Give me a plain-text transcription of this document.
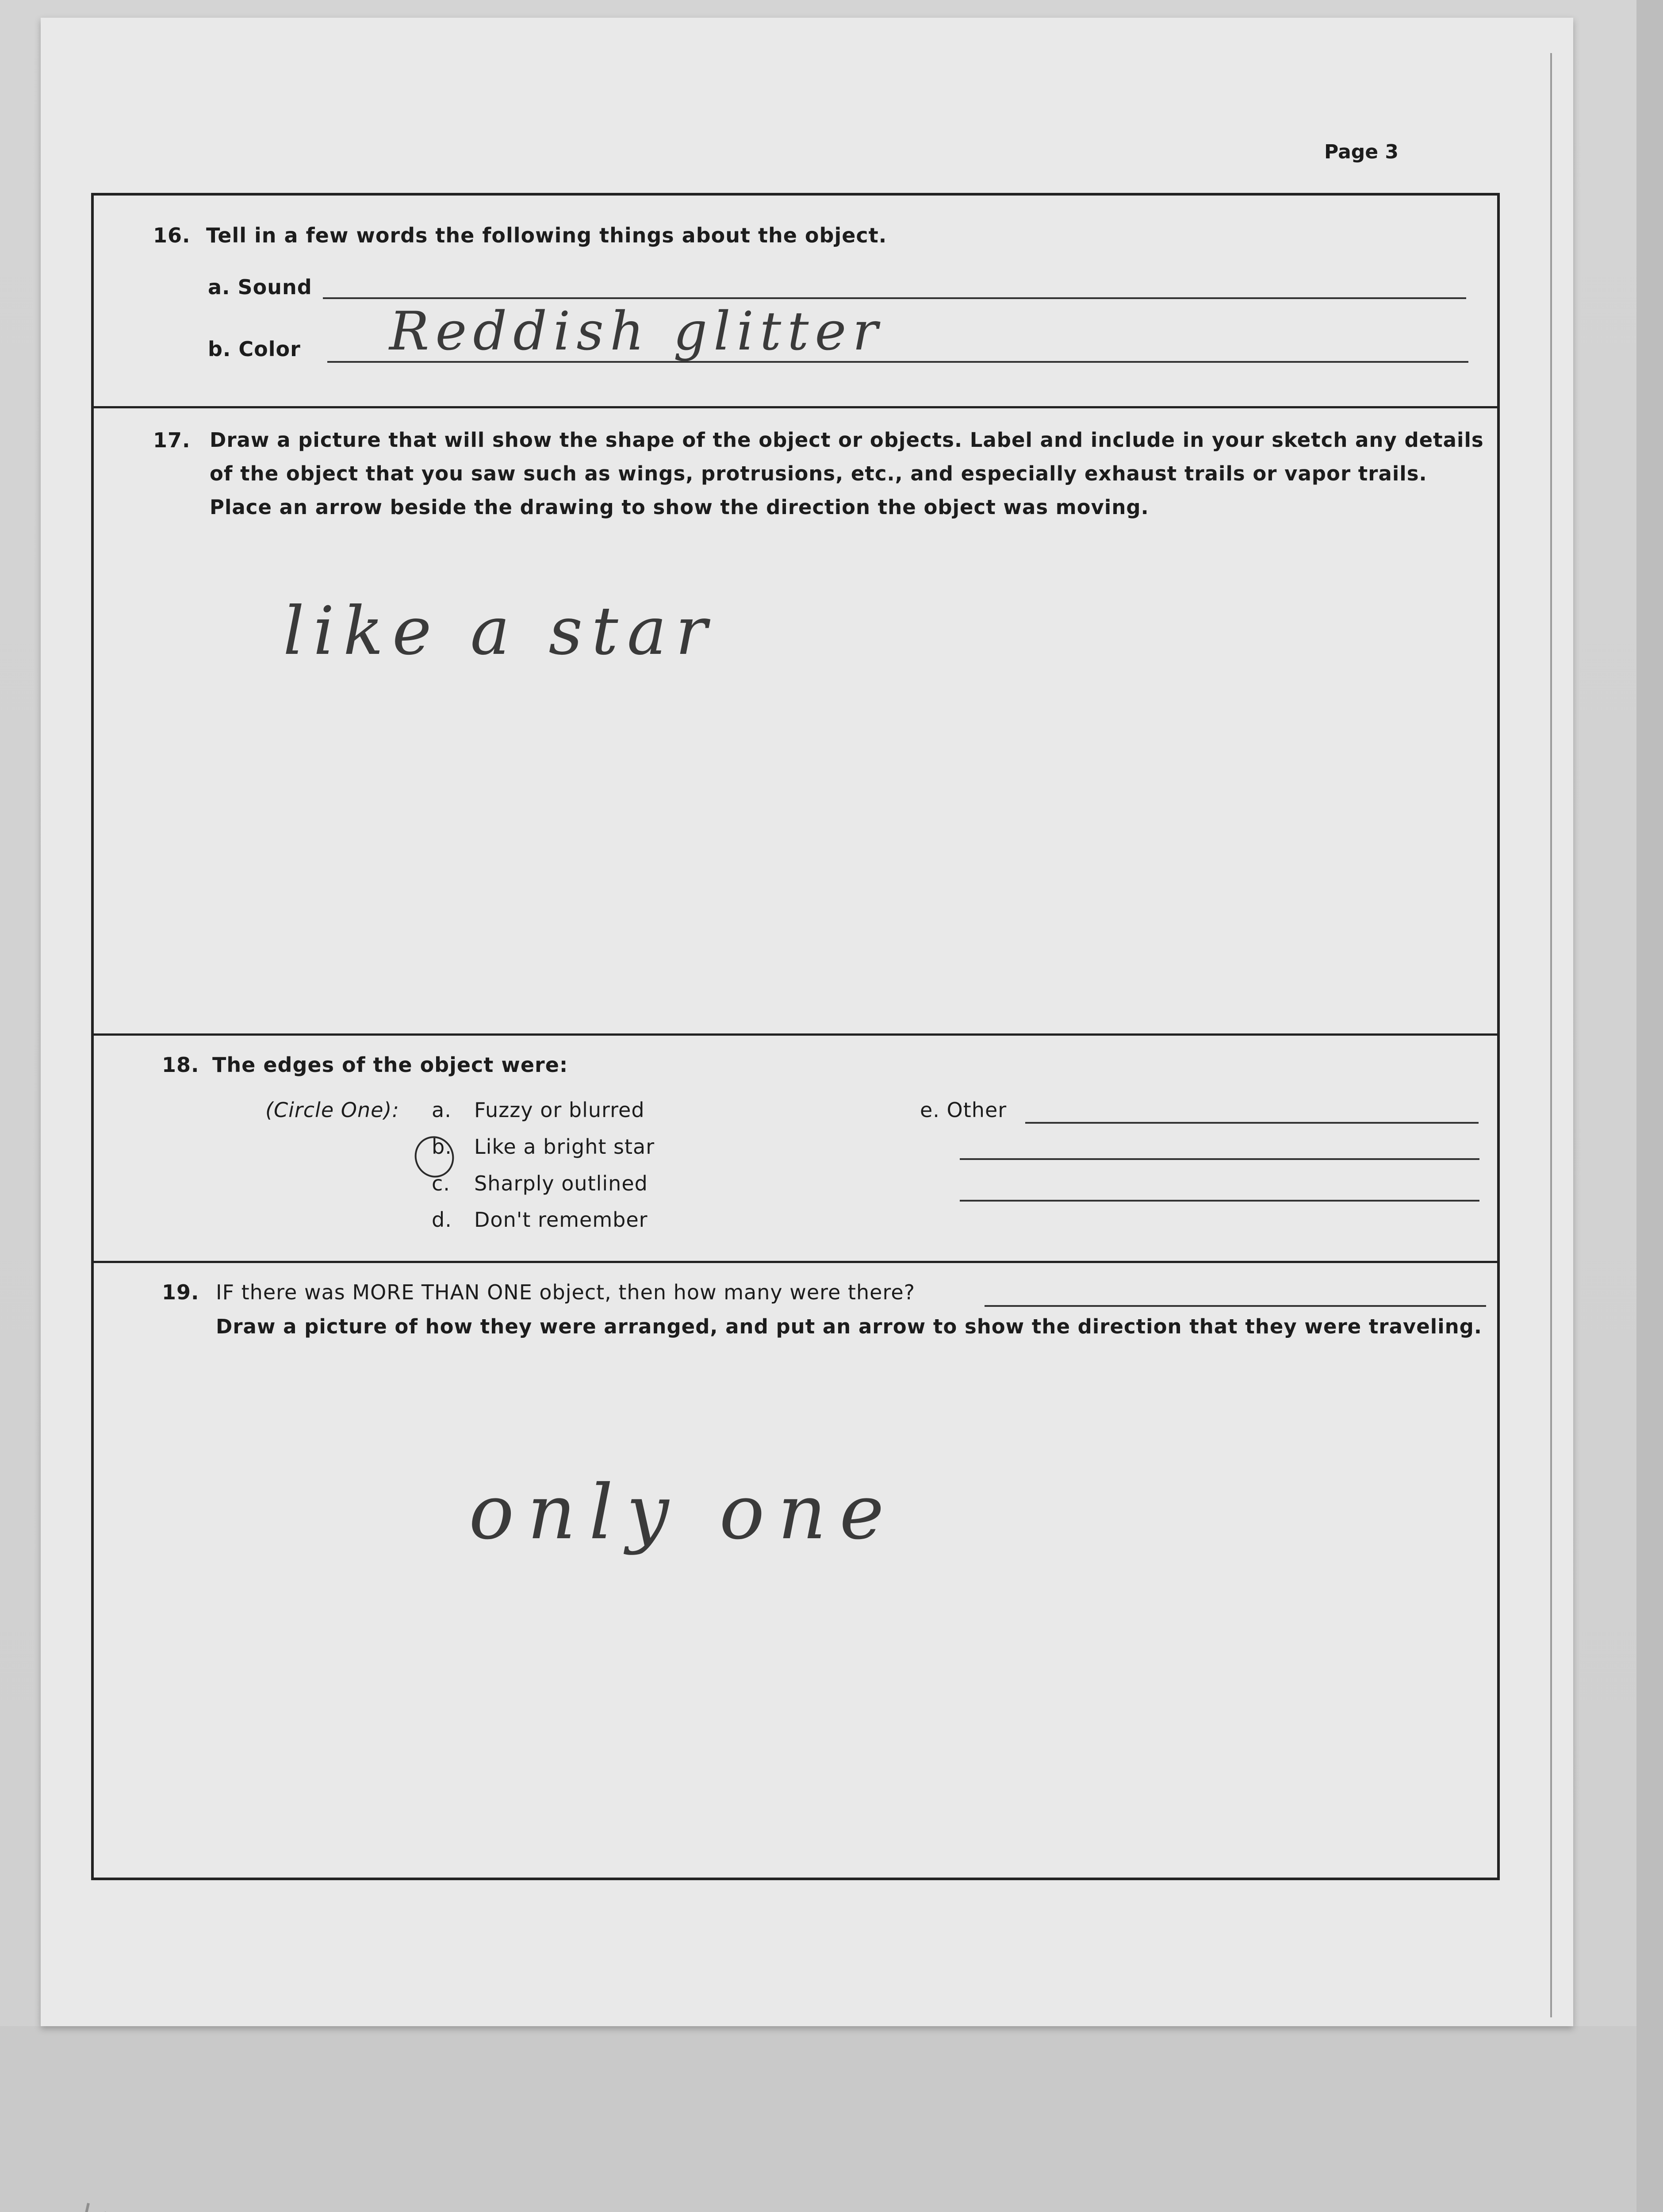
Page 3
16. Tell in a few words the following things about the object.
a. Sound
b. Color Reddish glitter
17. Draw a picture that will show the shape of the object or objects. Label and include in your sketch any details
of the object that you saw such as wings, protrusions, etc., and especially exhaust trails or vapor trails.
Place an arrow beside the drawing to show the direction the object was moving.
like a star
18. The edges of the object were:
(Circle One): a. Fuzzy or blurred
b. Like a bright star
c. Sharply outlined
d. Don't remember
e. Other
19. IF there was MORE THAN ONE object, then how many were there?
Draw a picture of how they were arranged, and put an arrow to show the direction that they were traveling.
only one
